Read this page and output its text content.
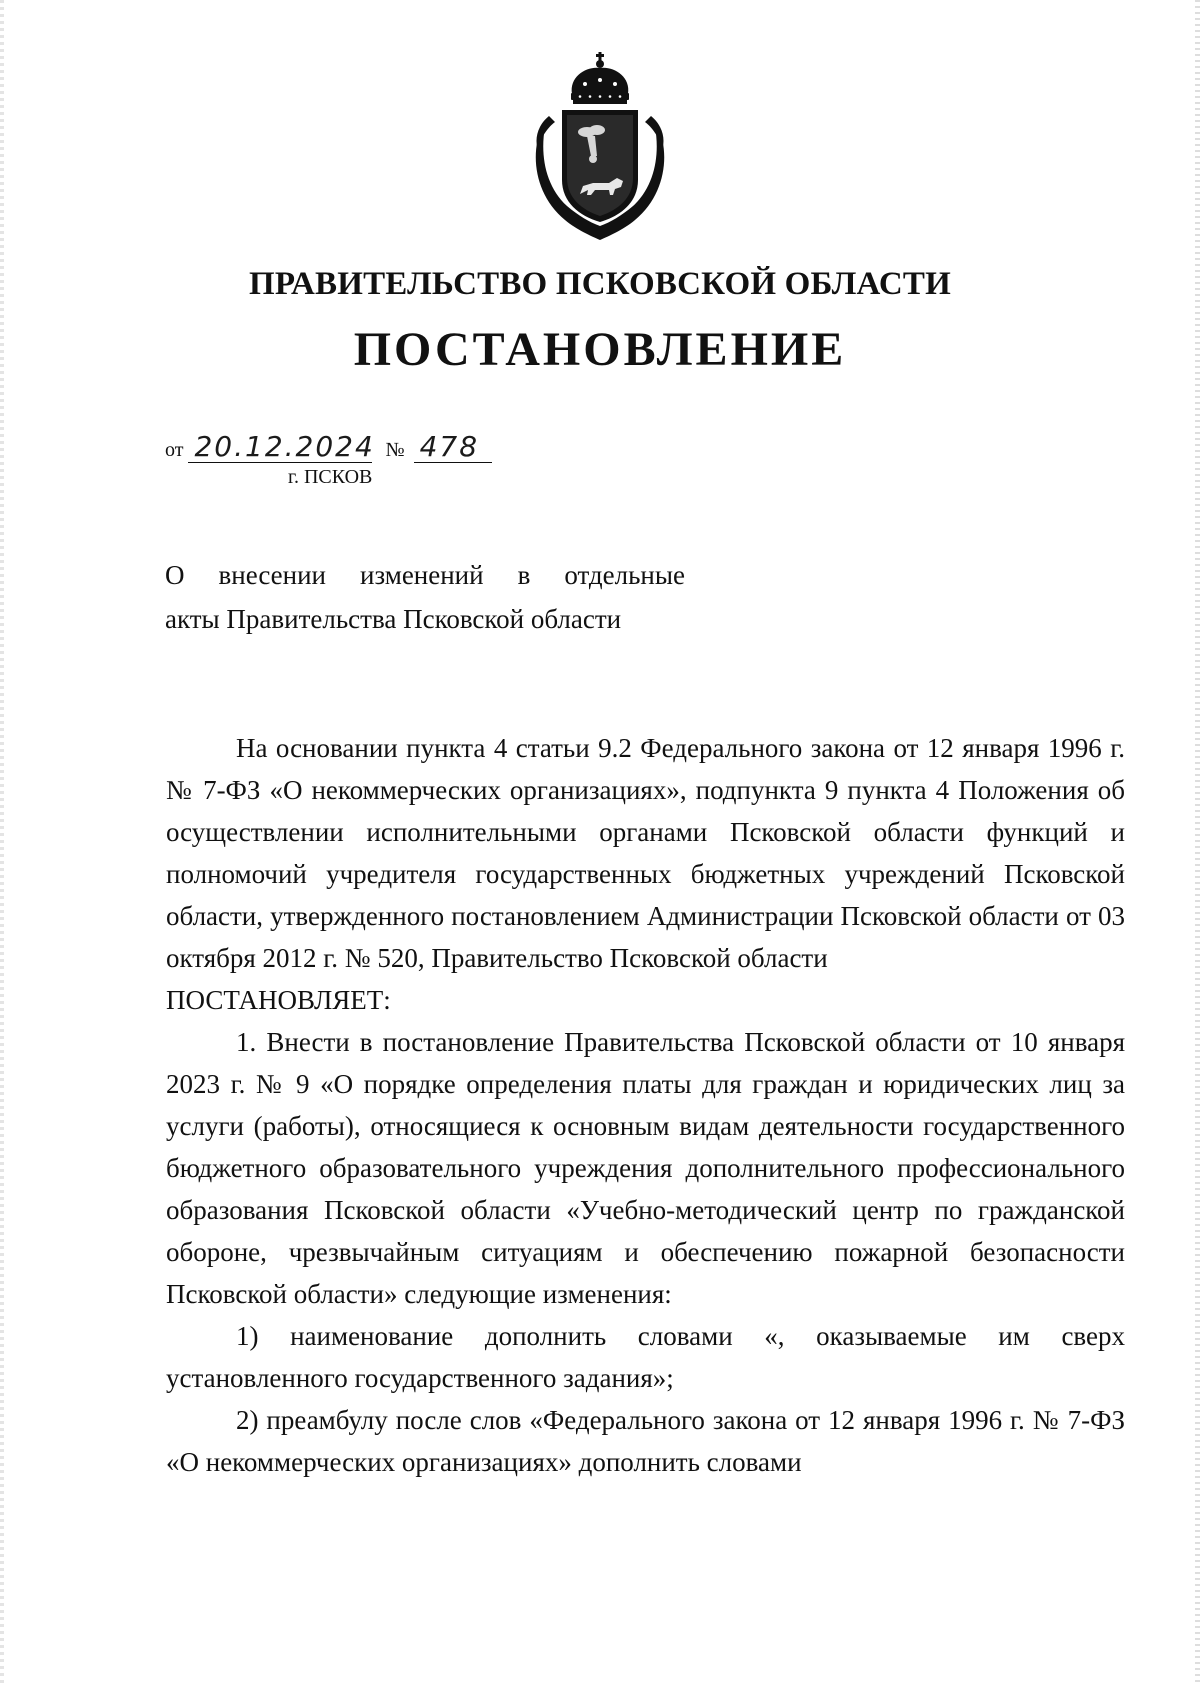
ПРАВИТЕЛЬСТВО ПСКОВСКОЙ ОБЛАСТИ
ПОСТАНОВЛЕНИЕ
от 20.12.2024 № 478
г. ПСКОВ
О внесении изменений в отдельные
акты Правительства Псковской области

На основании пункта 4 статьи 9.2 Федерального закона от 12 января 1996 г. № 7-ФЗ «О некоммерческих организациях», подпункта 9 пункта 4 Положения об осуществлении исполнительными органами Псковской области функций и полномочий учредителя государственных бюджетных учреждений Псковской области, утвержденного постановлением Администрации Псковской области от 03 октября 2012 г. № 520, Правительство Псковской области

ПОСТАНОВЛЯЕТ:

1. Внести в постановление Правительства Псковской области от 10 января 2023 г. № 9 «О порядке определения платы для граждан и юридических лиц за услуги (работы), относящиеся к основным видам деятельности государственного бюджетного образовательного учреждения дополнительного профессионального образования Псковской области «Учебно-методический центр по гражданской обороне, чрезвычайным ситуациям и обеспечению пожарной безопасности Псковской области» следующие изменения:

1) наименование дополнить словами «, оказываемые им сверх установленного государственного задания»;

2) преамбулу после слов «Федерального закона от 12 января 1996 г. № 7-ФЗ «О некоммерческих организациях» дополнить словами
